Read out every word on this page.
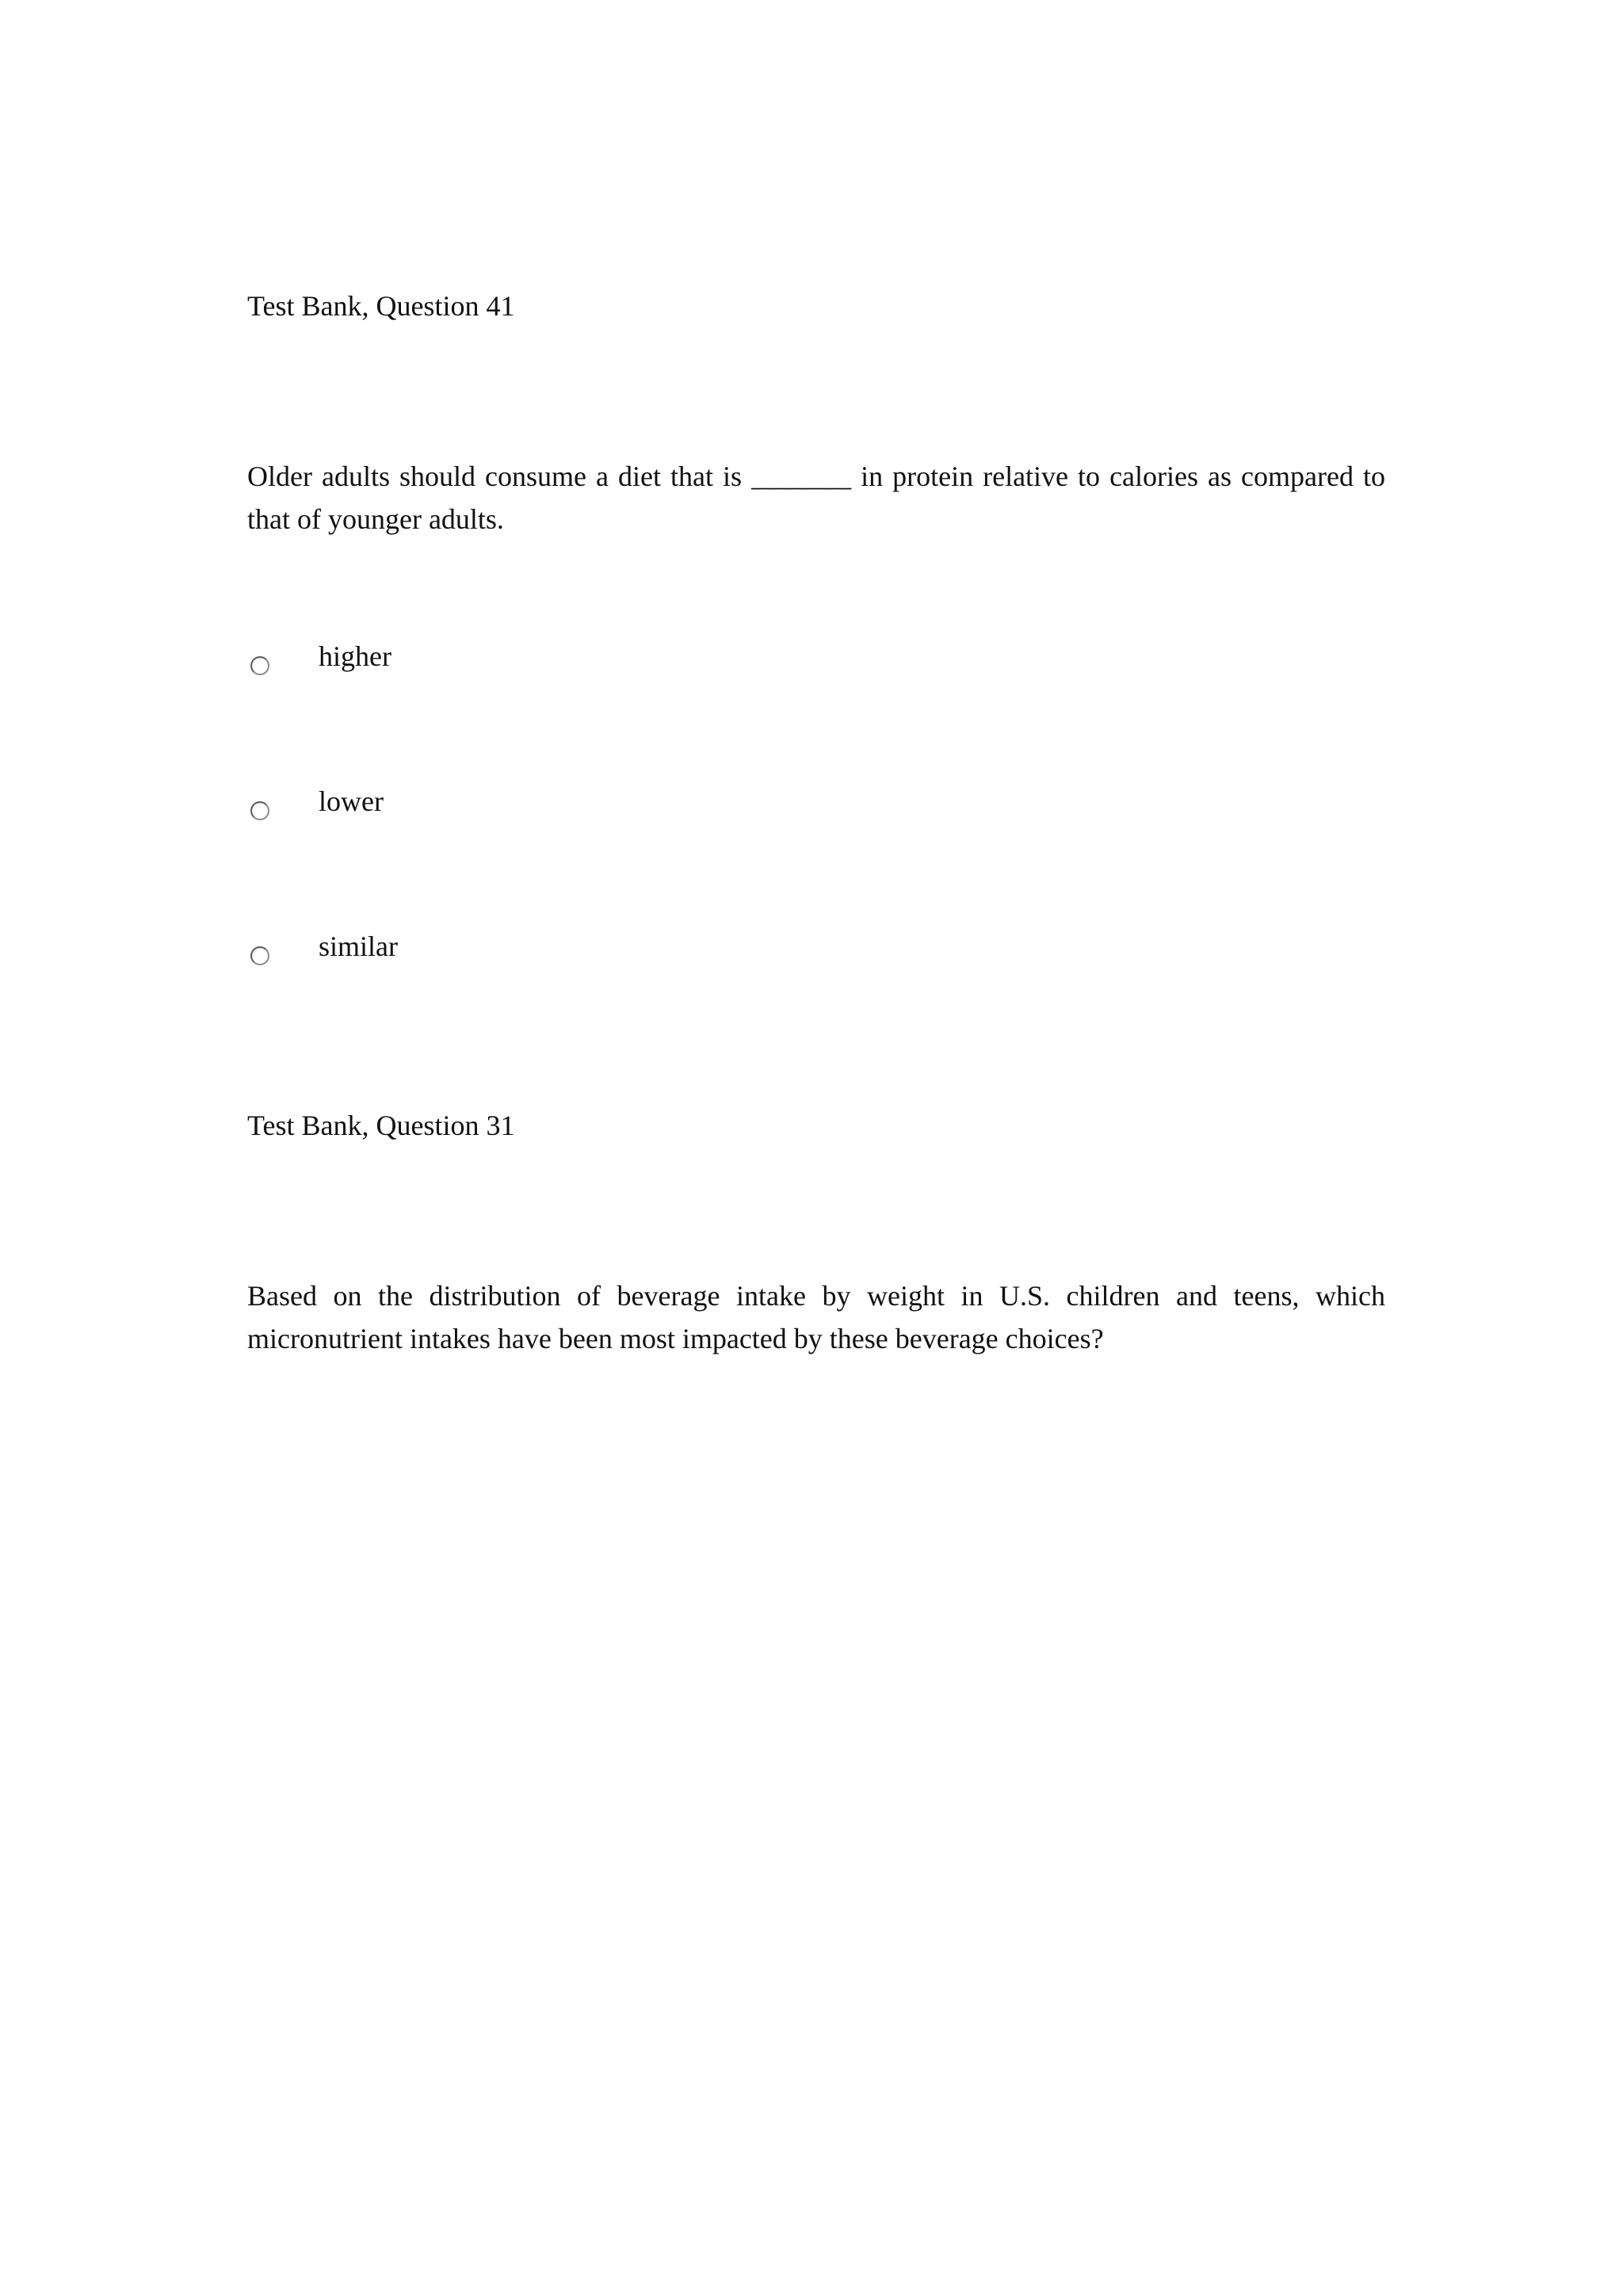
Test Bank, Question 41
Older adults should consume a diet that is _______ in protein relative to calories as compared to that of younger adults.
higher
lower
similar
Test Bank, Question 31
Based on the distribution of beverage intake by weight in U.S. children and teens, which micronutrient intakes have been most impacted by these beverage choices?
